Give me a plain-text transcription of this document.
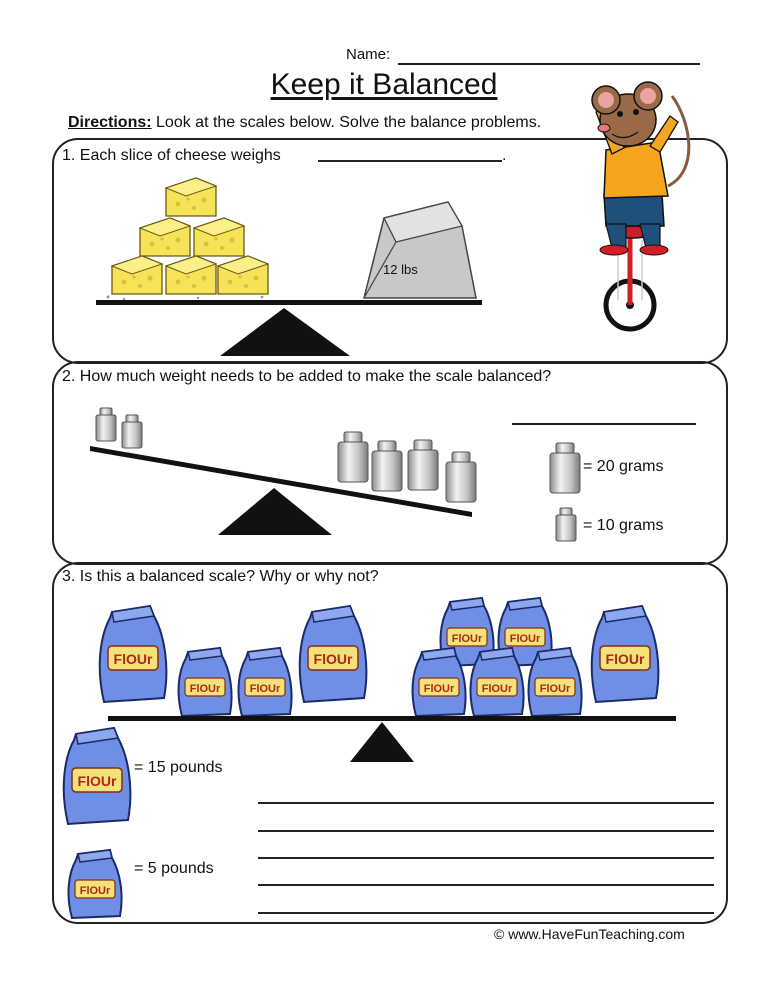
Name:
Keep it Balanced
Directions: Look at the scales below. Solve the balance problems.
1. Each slice of cheese weighs	.
12 lbs
2. How much weight needs to be added to make the scale balanced?
= 20 grams
= 10 grams
3. Is this a balanced scale? Why or why not?
FlOUr
FlOUr
= 15 pounds
= 5 pounds
© www.HaveFunTeaching.com
